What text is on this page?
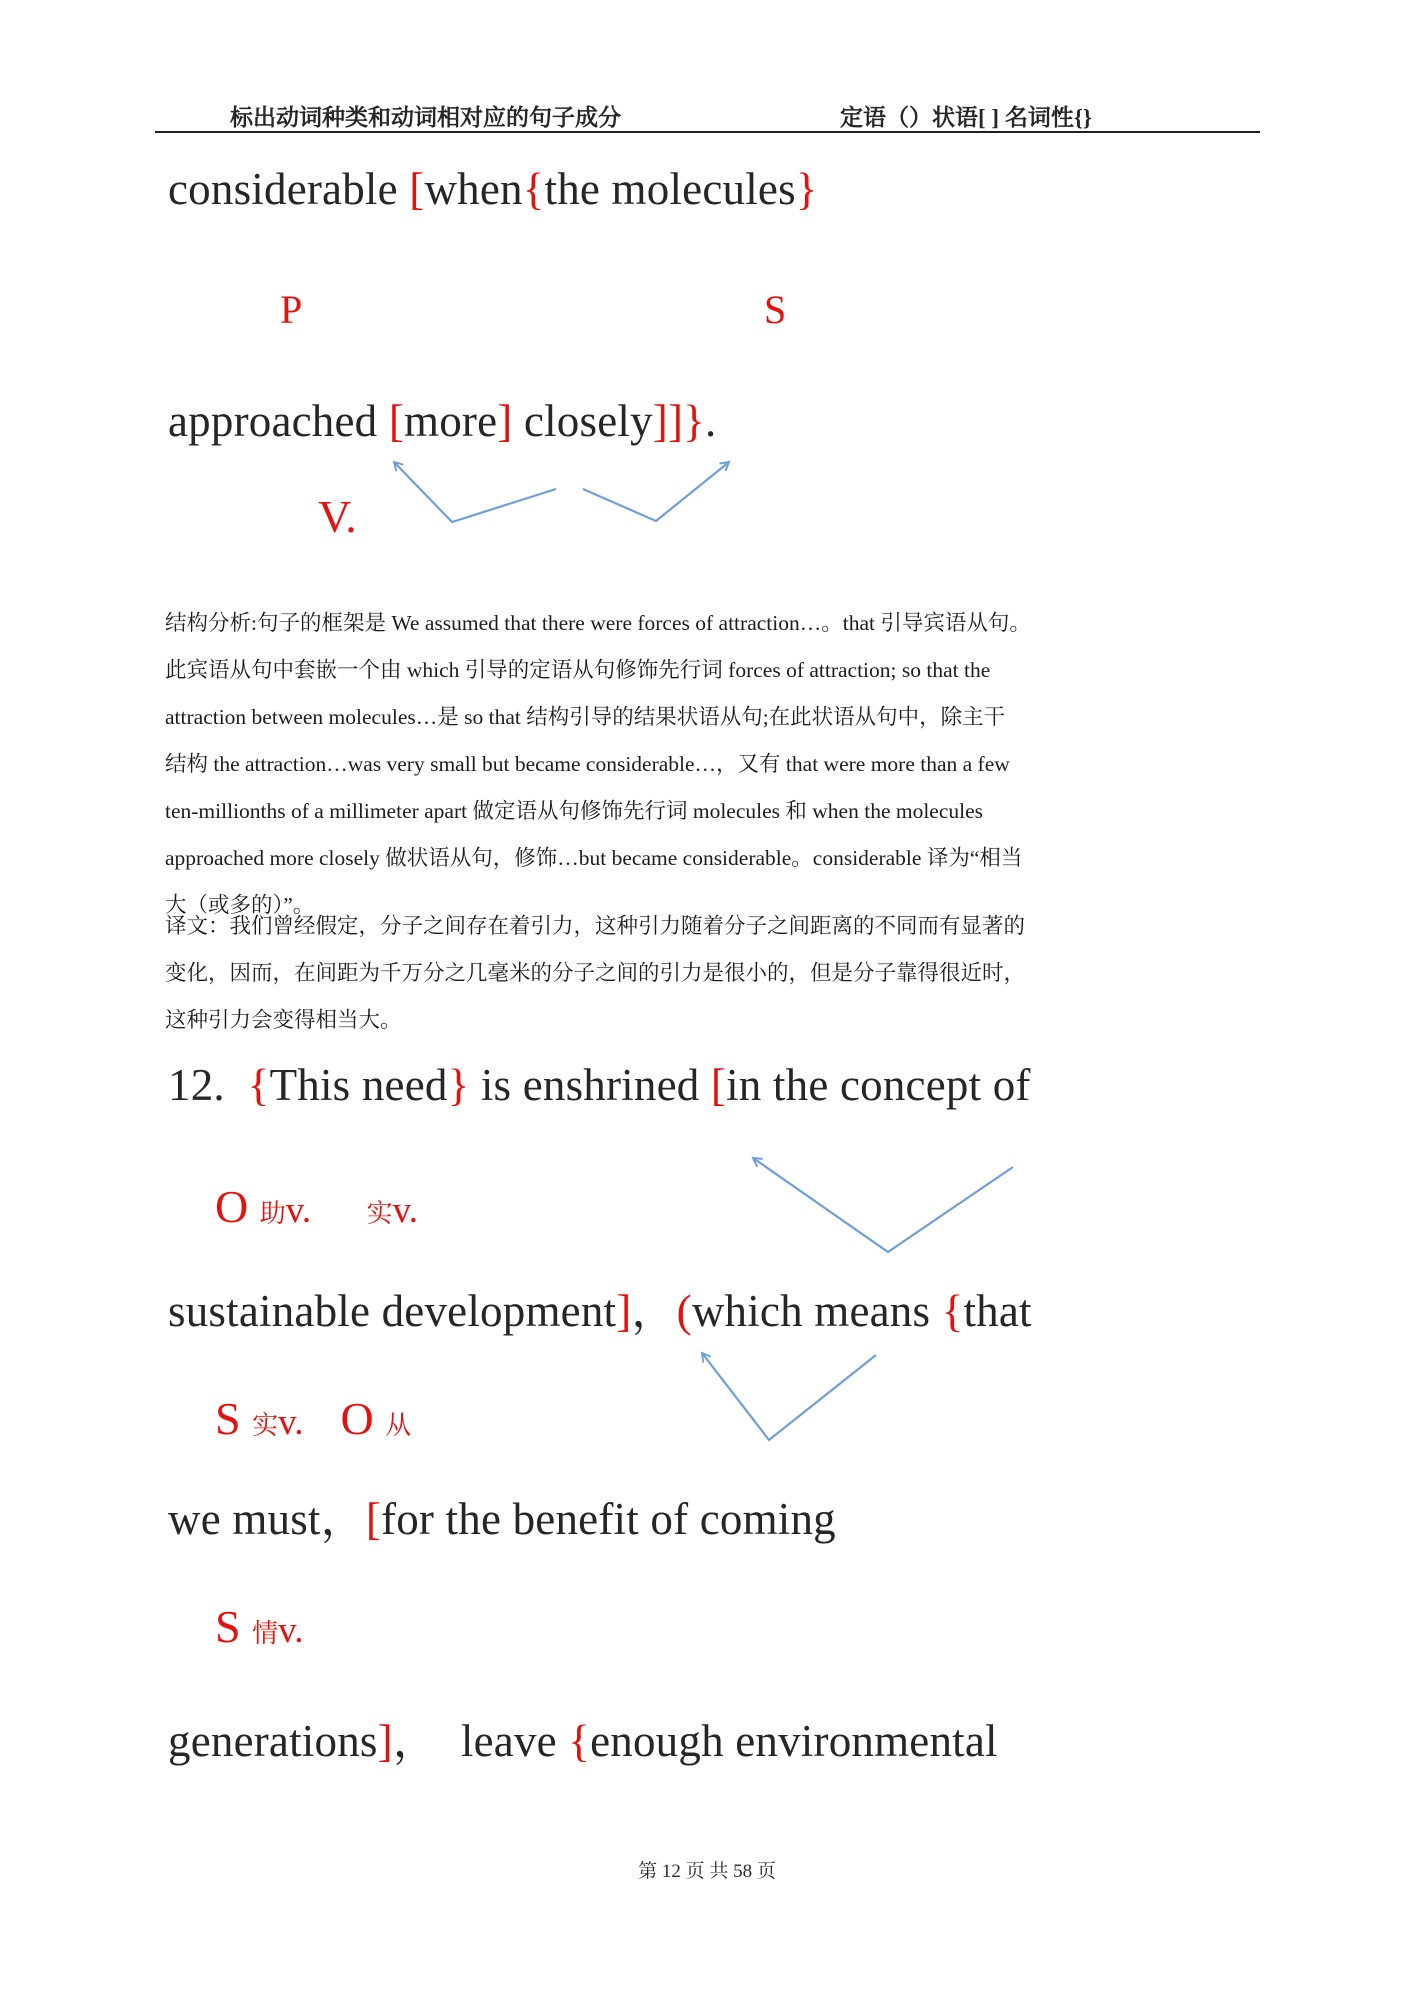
标出动词种类和动词相对应的句子成分	定语（）状语[ ] 名词性{}
considerable [when{the molecules}
P	S
approached [more] closely]]}.
V.
结构分析:句子的框架是 We assumed that there were forces of attraction…。that 引导宾语从句。
此宾语从句中套嵌一个由 which 引导的定语从句修饰先行词 forces of attraction; so that the
attraction between molecules…是 so that 结构引导的结果状语从句;在此状语从句中，除主干
结构 the attraction…was very small but became considerable…，又有 that were more than a few
ten-millionths of a millimeter apart 做定语从句修饰先行词 molecules 和 when the molecules
approached more closely 做状语从句，修饰…but became considerable。considerable 译为“相当
大（或多的）”。
译文：我们曾经假定，分子之间存在着引力，这种引力随着分子之间距离的不同而有显著的
变化，因而，在间距为千万分之几毫米的分子之间的引力是很小的，但是分子靠得很近时，
这种引力会变得相当大。
12.  {This need} is enshrined [in the concept of
O 助v. 实v.
sustainable development]，(which means {that
S 实v. O 从
we must，[for the benefit of coming
S 情v.
generations]，  leave {enough environmental
第 12 页 共 58 页
